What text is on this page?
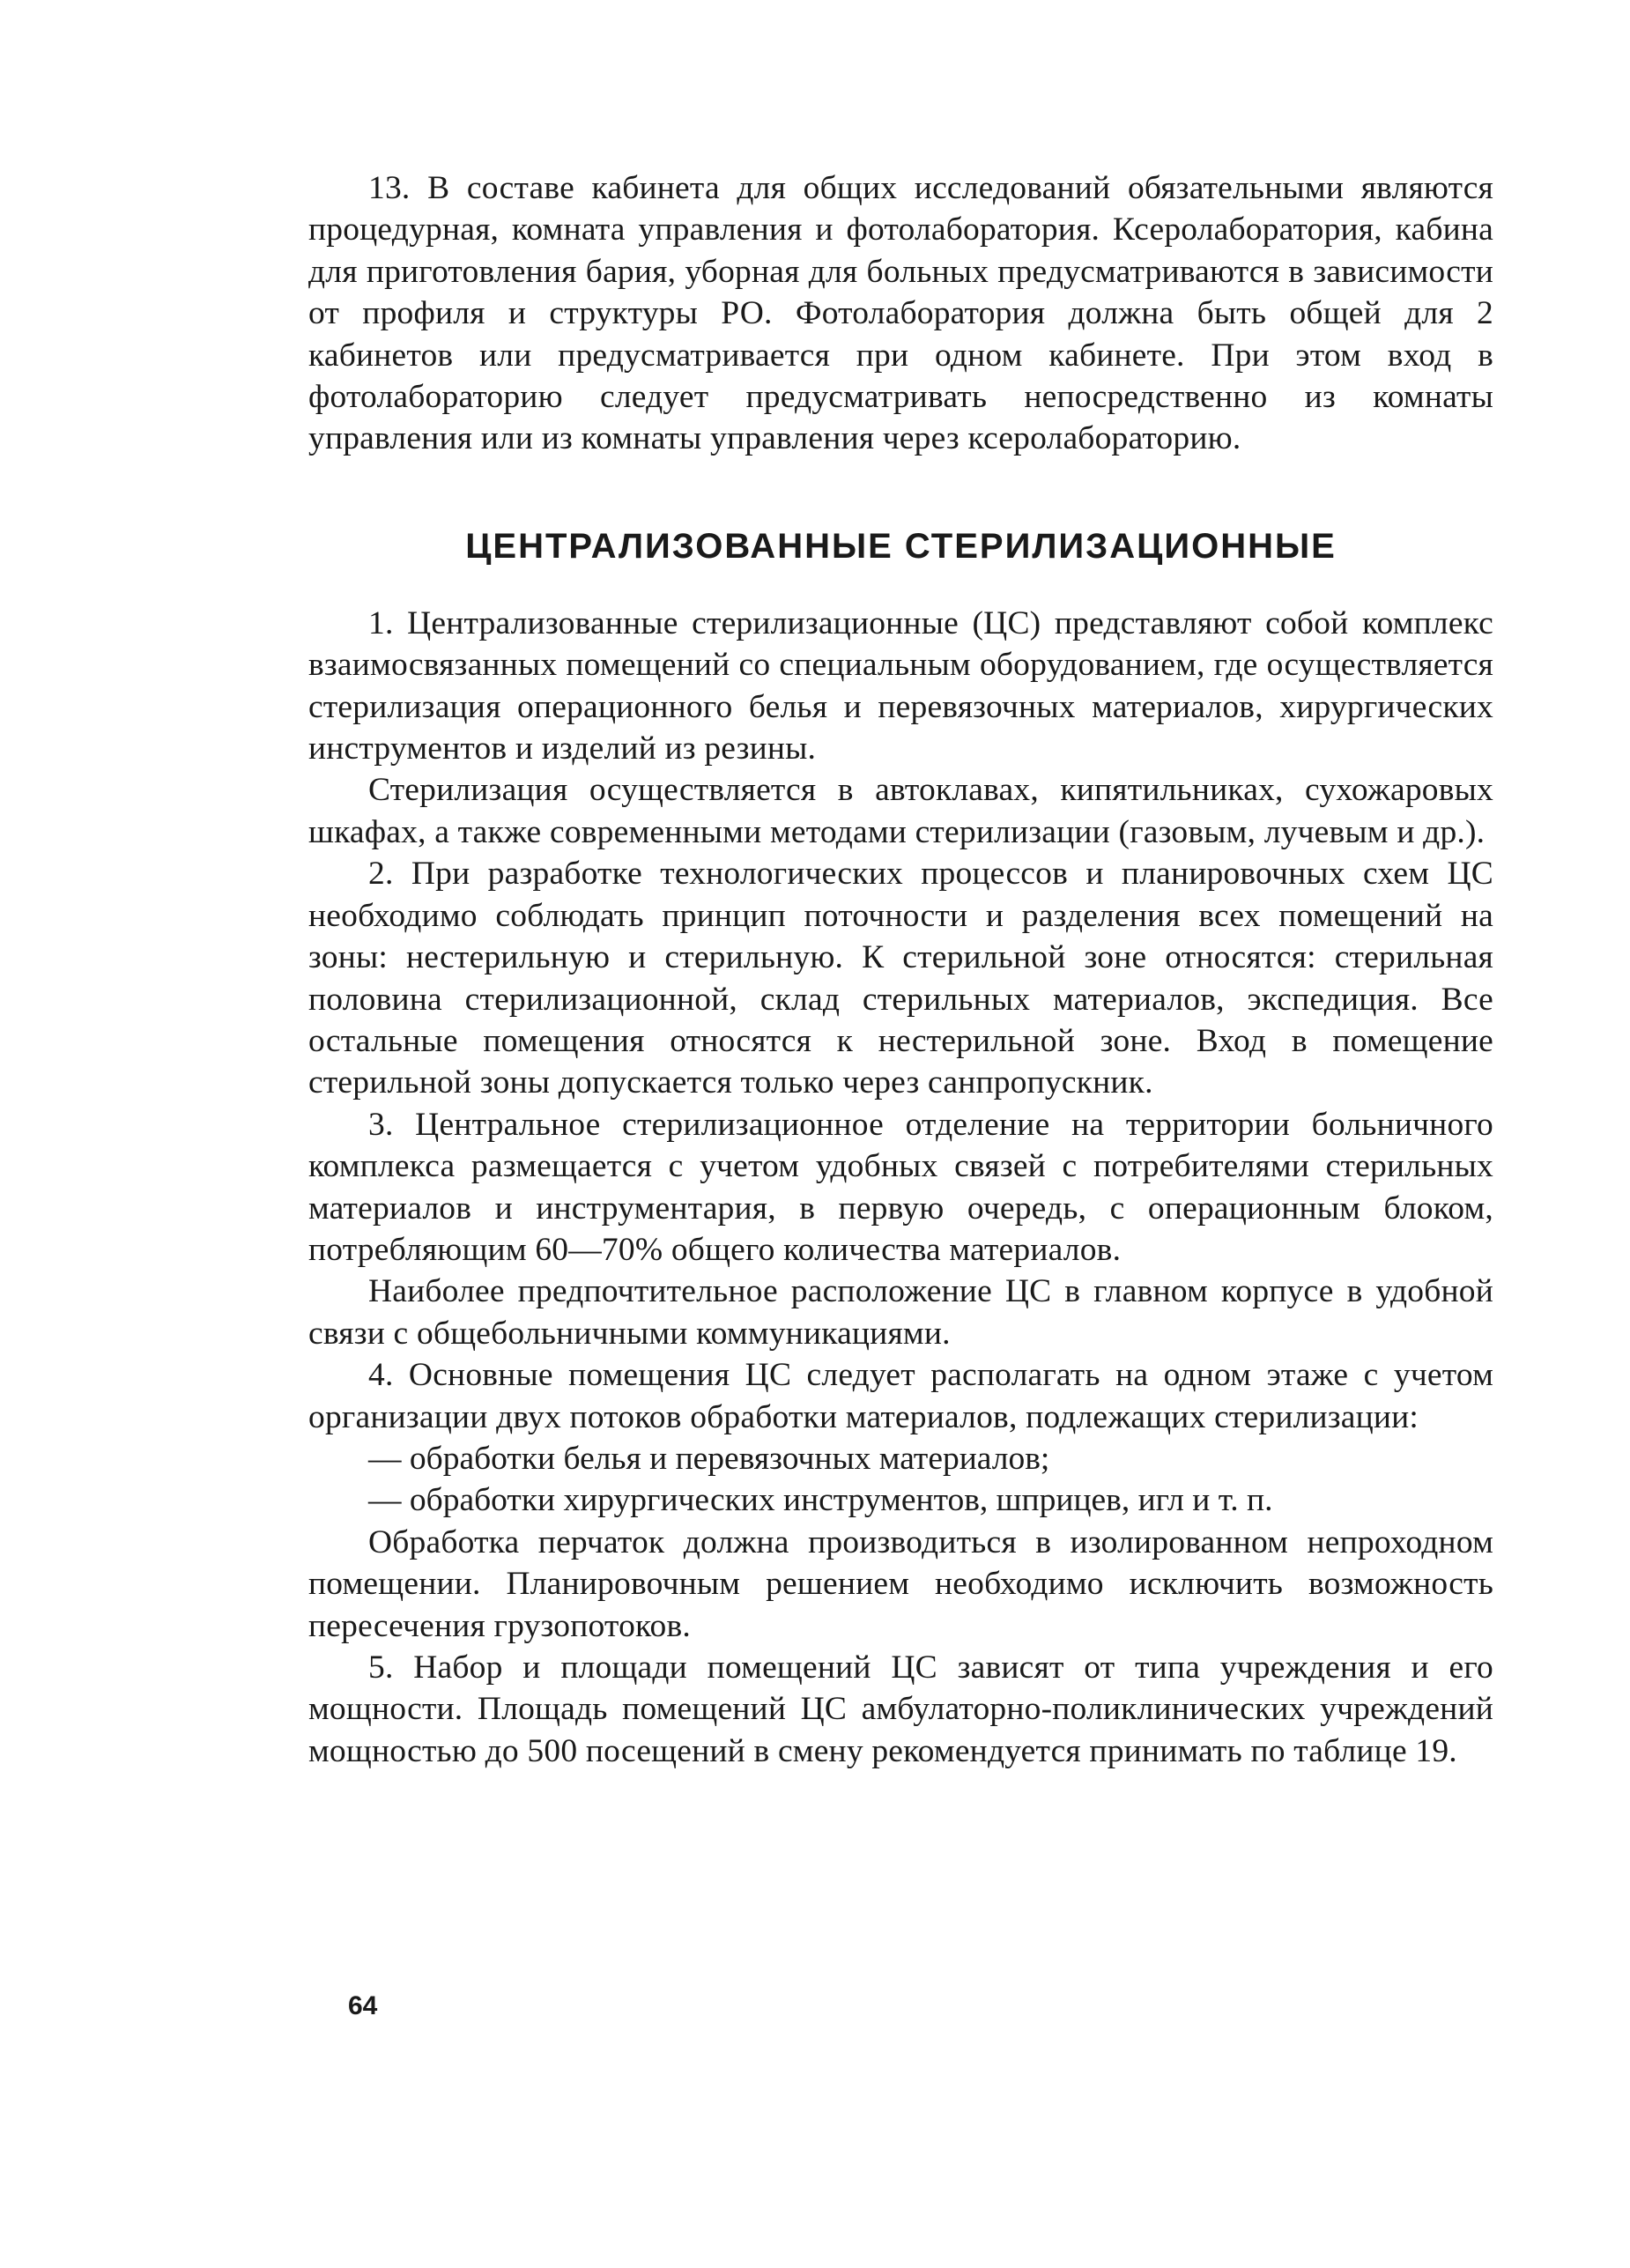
13. В составе кабинета для общих исследований обязательными являются процедурная, комната управления и фотолаборатория. Ксеролаборатория, кабина для приготовления бария, уборная для больных предусматриваются в зависимости от профиля и структуры РО. Фотолаборатория должна быть общей для 2 кабинетов или предусматривается при одном кабинете. При этом вход в фотолабораторию следует предусматривать непосредственно из комнаты управления или из комнаты управления через ксеролабораторию.

ЦЕНТРАЛИЗОВАННЫЕ СТЕРИЛИЗАЦИОННЫЕ

1. Централизованные стерилизационные (ЦС) представляют собой комплекс взаимосвязанных помещений со специальным оборудованием, где осуществляется стерилизация операционного белья и перевязочных материалов, хирургических инструментов и изделий из резины.

Стерилизация осуществляется в автоклавах, кипятильниках, сухожаровых шкафах, а также современными методами стерилизации (газовым, лучевым и др.).

2. При разработке технологических процессов и планировочных схем ЦС необходимо соблюдать принцип поточности и разделения всех помещений на зоны: нестерильную и стерильную. К стерильной зоне относятся: стерильная половина стерилизационной, склад стерильных материалов, экспедиция. Все остальные помещения относятся к нестерильной зоне. Вход в помещение стерильной зоны допускается только через санпропускник.

3. Центральное стерилизационное отделение на территории больничного комплекса размещается с учетом удобных связей с потребителями стерильных материалов и инструментария, в первую очередь, с операционным блоком, потребляющим 60—70% общего количества материалов.

Наиболее предпочтительное расположение ЦС в главном корпусе в удобной связи с общебольничными коммуникациями.

4. Основные помещения ЦС следует располагать на одном этаже с учетом организации двух потоков обработки материалов, подлежащих стерилизации:

— обработки белья и перевязочных материалов;
— обработки хирургических инструментов, шприцев, игл и т. п.

Обработка перчаток должна производиться в изолированном непроходном помещении. Планировочным решением необходимо исключить возможность пересечения грузопотоков.

5. Набор и площади помещений ЦС зависят от типа учреждения и его мощности. Площадь помещений ЦС амбулаторно-поликлинических учреждений мощностью до 500 посещений в смену рекомендуется принимать по таблице 19.

64
